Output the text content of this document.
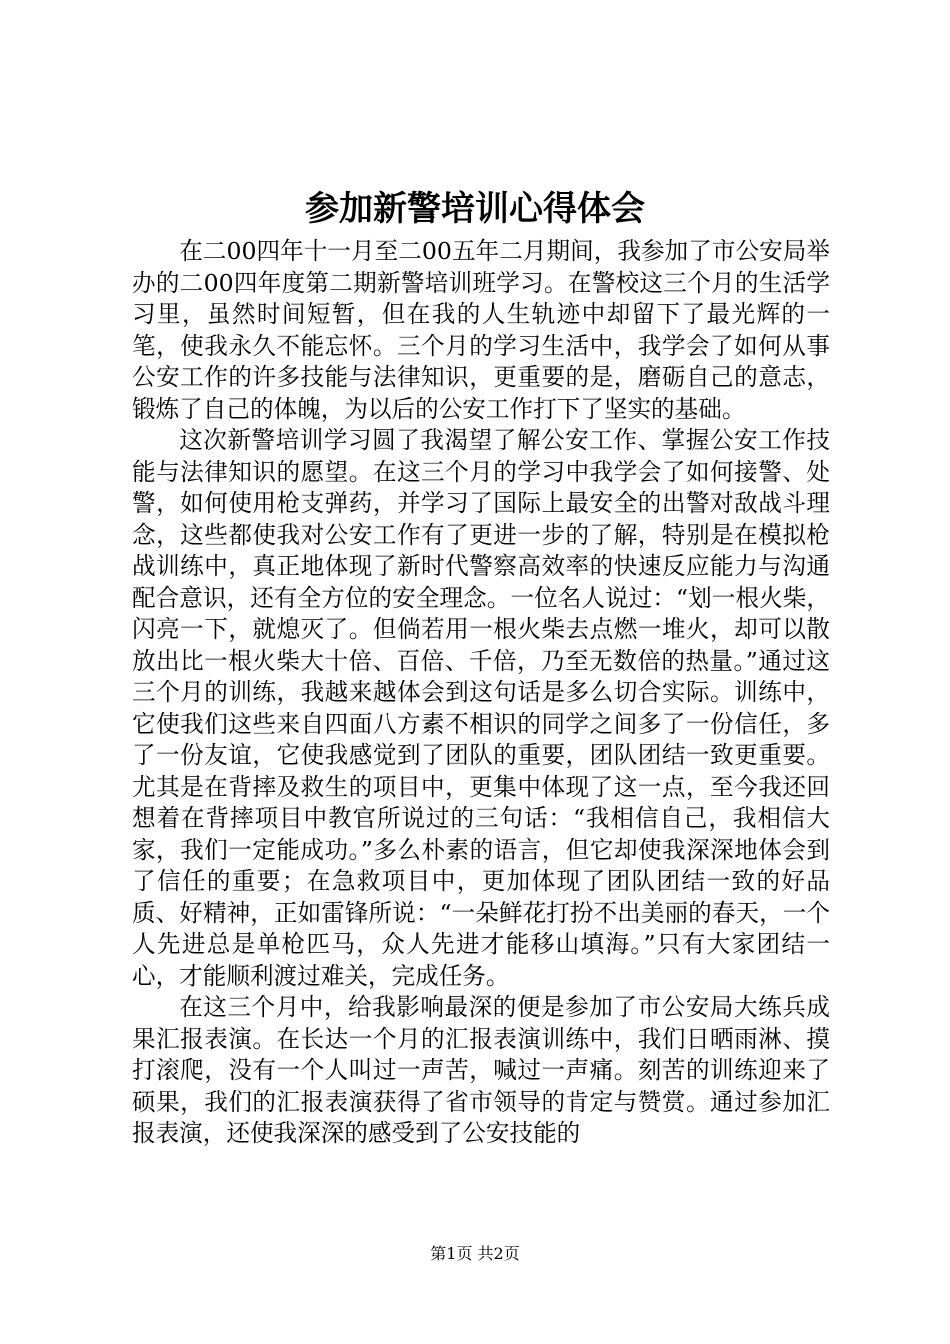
参加新警培训心得体会

在二00四年十一月至二00五年二月期间，我参加了市公安局举办的二00四年度第二期新警培训班学习。在警校这三个月的生活学习里，虽然时间短暂，但在我的人生轨迹中却留下了最光辉的一笔，使我永久不能忘怀。三个月的学习生活中，我学会了如何从事公安工作的许多技能与法律知识，更重要的是，磨砺自己的意志，锻炼了自己的体魄，为以后的公安工作打下了坚实的基础。

这次新警培训学习圆了我渴望了解公安工作、掌握公安工作技能与法律知识的愿望。在这三个月的学习中我学会了如何接警、处警，如何使用枪支弹药，并学习了国际上最安全的出警对敌战斗理念，这些都使我对公安工作有了更进一步的了解，特别是在模拟枪战训练中，真正地体现了新时代警察高效率的快速反应能力与沟通配合意识，还有全方位的安全理念。一位名人说过：“划一根火柴，闪亮一下，就熄灭了。但倘若用一根火柴去点燃一堆火，却可以散放出比一根火柴大十倍、百倍、千倍，乃至无数倍的热量。”通过这三个月的训练，我越来越体会到这句话是多么切合实际。训练中，它使我们这些来自四面八方素不相识的同学之间多了一份信任，多了一份友谊，它使我感觉到了团队的重要，团队团结一致更重要。尤其是在背摔及救生的项目中，更集中体现了这一点，至今我还回想着在背摔项目中教官所说过的三句话：“我相信自己，我相信大家，我们一定能成功。”多么朴素的语言，但它却使我深深地体会到了信任的重要；在急救项目中，更加体现了团队团结一致的好品质、好精神，正如雷锋所说：“一朵鲜花打扮不出美丽的春天，一个人先进总是单枪匹马，众人先进才能移山填海。”只有大家团结一心，才能顺利渡过难关，完成任务。

在这三个月中，给我影响最深的便是参加了市公安局大练兵成果汇报表演。在长达一个月的汇报表演训练中，我们日晒雨淋、摸打滚爬，没有一个人叫过一声苦，喊过一声痛。刻苦的训练迎来了硕果，我们的汇报表演获得了省市领导的肯定与赞赏。通过参加汇报表演，还使我深深的感受到了公安技能的

第1页 共2页
